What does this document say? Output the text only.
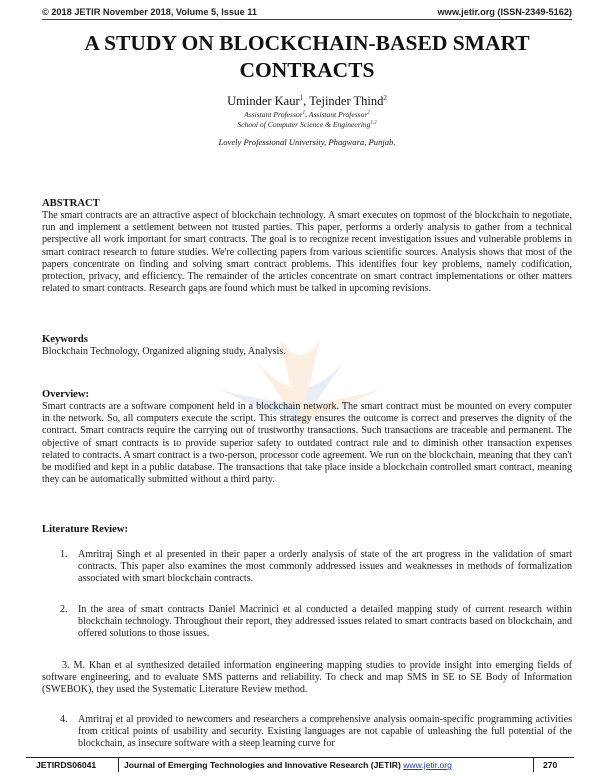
© 2018 JETIR November 2018, Volume 5, Issue 11	www.jetir.org (ISSN-2349-5162)
A STUDY ON BLOCKCHAIN-BASED SMART
CONTRACTS
Uminder Kaur$^1$, Tejinder Thind$^2$
Assistant Professor$^1$, Assistant Professor$^2$
School of Computer Science & Engineering$^{1,2}$
Lovely Professional University, Phagwara, Punjab.
ABSTRACT
The smart contracts are an attractive aspect of blockchain technology. A smart executes on topmost of the blockchain to negotiate, run and implement a settlement between not trusted parties. This paper, performs a orderly analysis to gather from a technical perspective all work important for smart contracts. The goal is to recognize recent investigation issues and vulnerable problems in smart contract research to future studies. We're collecting papers from various scientific sources. Analysis shows that most of the papers concentrate on finding and solving smart contract problems. This identifies four key problems, namely codification, protection, privacy, and efficiency. The remainder of the articles concentrate on smart contract implementations or other matters related to smart contracts. Research gaps are found which must be talked in upcoming revisions.
Keywords
Blockchain Technology, Organized aligning study, Analysis.
Overview:
Smart contracts are a software component held in a blockchain network. The smart contract must be mounted on every computer in the network. So, all computers execute the script. This strategy ensures the outcome is correct and preserves the dignity of the contract. Smart contracts require the carrying out of trustworthy transactions. Such transactions are traceable and permanent. The objective of smart contracts is to provide superior safety to outdated contract rule and to diminish other transaction expenses related to contracts. A smart contract is a two-person, processor code agreement. We run on the blockchain, meaning that they can't be modified and kept in a public database. The transactions that take place inside a blockchain controlled smart contract, meaning they can be automatically submitted without a third party.
Literature Review:
1. Amritraj Singh et al presented in their paper a orderly analysis of state of the art progress in the validation of smart contracts. This paper also examines the most commonly addressed issues and weaknesses in methods of formalization associated with smart blockchain contracts.
2. In the area of smart contracts Daniel Macrinici et al conducted a detailed mapping study of current research within blockchain technology. Throughout their report, they addressed issues related to smart contracts based on blockchain, and offered solutions to those issues.
3. M. Khan et al synthesized detailed information engineering mapping studies to provide insight into emerging fields of software engineering, and to evaluate SMS patterns and reliability. To check and map SMS in SE to SE Body of Information (SWEBOK), they used the Systematic Literature Review method.
4. Amritraj et al provided to newcomers and researchers a comprehensive analysis oomain-specific programming activities from critical points of usability and security. Existing languages are not capable of unleashing the full potential of the blockchain, as insecure software with a steep learning curve for
JETIRDS06041	Journal of Emerging Technologies and Innovative Research (JETIR) www.jetir.org	270
